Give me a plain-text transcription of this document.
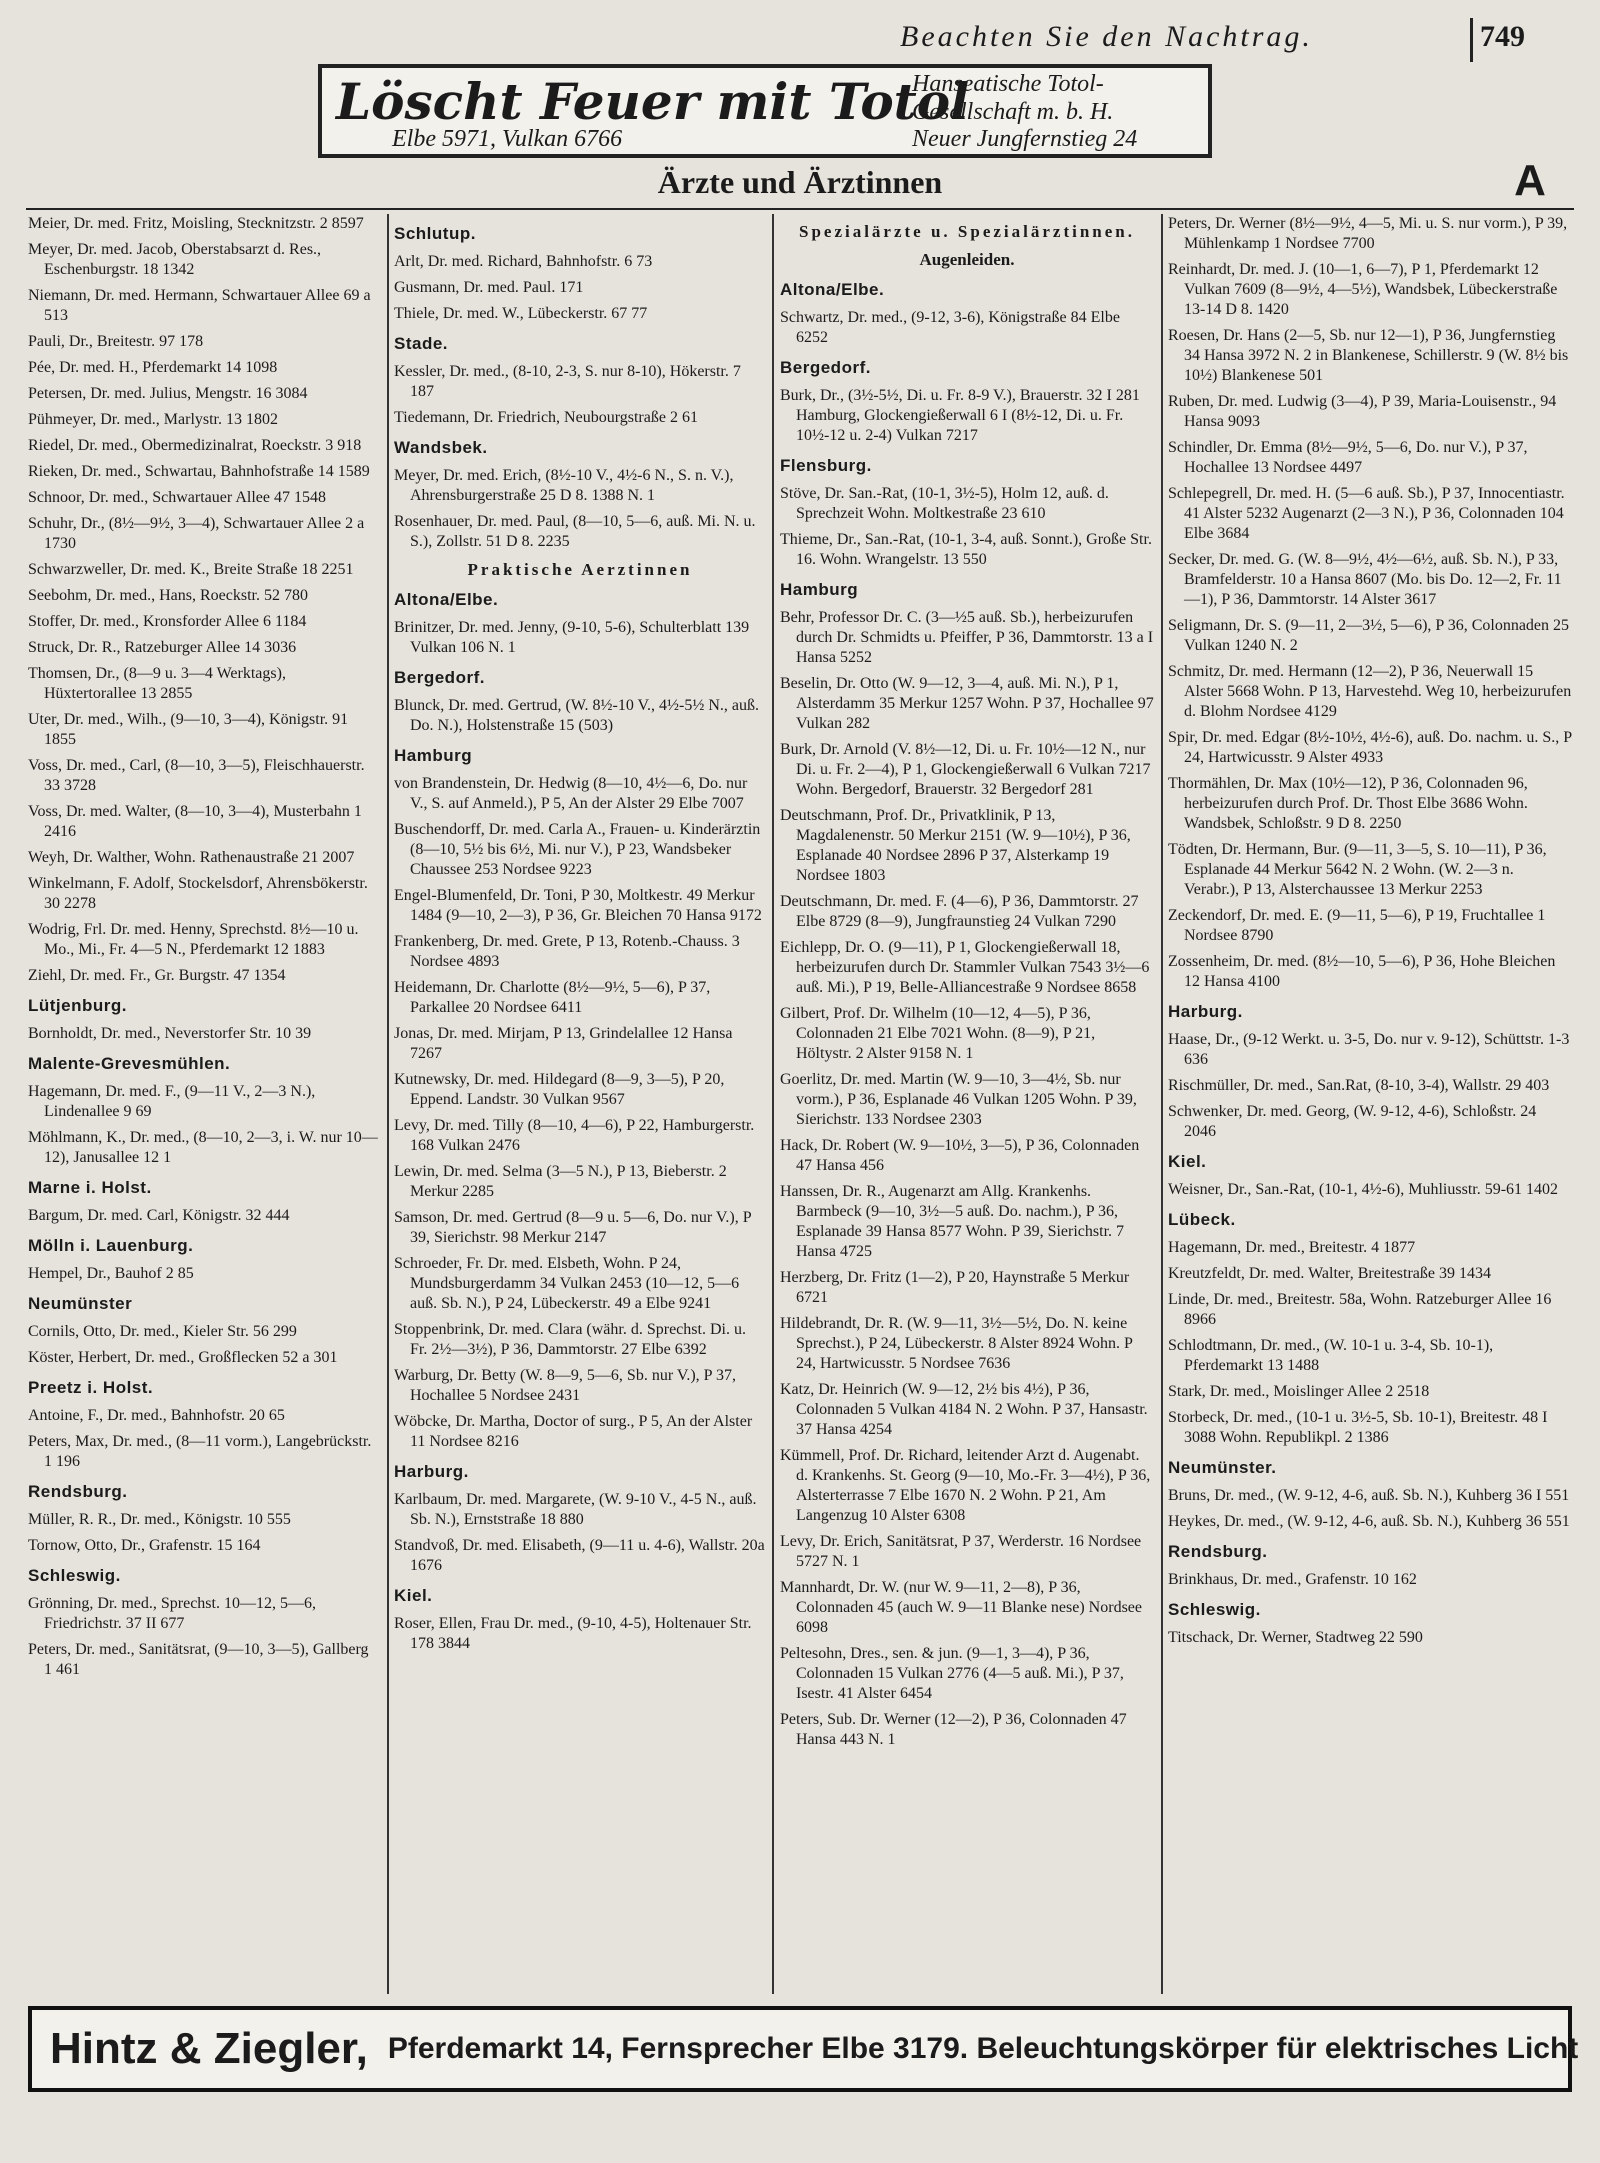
Beachten Sie den Nachtrag.	749
Löscht Feuer mit Totol
Elbe 5971, Vulkan 6766
Hanseatische Totol-Gesellschaft m. b. H.
Neuer Jungfernstieg 24
Ärzte und Ärztinnen	A
Meier, Dr. med. Fritz, Moisling, Stecknitzstr. 2 8597
Meyer, Dr. med. Jacob, Oberstabsarzt d. Res., Eschenburgstr. 18 1342
Niemann, Dr. med. Hermann, Schwartauer Allee 69 a 513
Pauli, Dr., Breitestr. 97 178
Pée, Dr. med. H., Pferdemarkt 14 1098
Petersen, Dr. med. Julius, Mengstr. 16 3084
Pühmeyer, Dr. med., Marlystr. 13 1802
Riedel, Dr. med., Obermedizinalrat, Roeckstr. 3 918
Rieken, Dr. med., Schwartau, Bahnhofstraße 14 1589
Schnoor, Dr. med., Schwartauer Allee 47 1548
Schuhr, Dr., (8½—9½, 3—4), Schwartauer Allee 2 a 1730
Schwarzweller, Dr. med. K., Breite Straße 18 2251
Seebohm, Dr. med., Hans, Roeckstr. 52 780
Stoffer, Dr. med., Kronsforder Allee 6 1184
Struck, Dr. R., Ratzeburger Allee 14 3036
Thomsen, Dr., (8—9 u. 3—4 Werktags), Hüxtertorallee 13 2855
Uter, Dr. med., Wilh., (9—10, 3—4), Königstr. 91 1855
Voss, Dr. med., Carl, (8—10, 3—5), Fleischhauerstr. 33 3728
Voss, Dr. med. Walter, (8—10, 3—4), Musterbahn 1 2416
Weyh, Dr. Walther, Wohn. Rathenaustraße 21 2007
Winkelmann, F. Adolf, Stockelsdorf, Ahrensbökerstr. 30 2278
Wodrig, Frl. Dr. med. Henny, Sprechstd. 8½—10 u. Mo., Mi., Fr. 4—5 N., Pferdemarkt 12 1883
Ziehl, Dr. med. Fr., Gr. Burgstr. 47 1354
Lütjenburg.
Bornholdt, Dr. med., Neverstorfer Str. 10 39
Malente-Grevesmühlen.
Hagemann, Dr. med. F., (9—11 V., 2—3 N.), Lindenallee 9 69
Möhlmann, K., Dr. med., (8—10, 2—3, i. W. nur 10—12), Janusallee 12 1
Marne i. Holst.
Bargum, Dr. med. Carl, Königstr. 32 444
Mölln i. Lauenburg.
Hempel, Dr., Bauhof 2 85
Neumünster
Cornils, Otto, Dr. med., Kieler Str. 56 299
Köster, Herbert, Dr. med., Großflecken 52 a 301
Preetz i. Holst.
Antoine, F., Dr. med., Bahnhofstr. 20 65
Peters, Max, Dr. med., (8—11 vorm.), Langebrückstr. 1 196
Rendsburg.
Müller, R. R., Dr. med., Königstr. 10 555
Tornow, Otto, Dr., Grafenstr. 15 164
Schleswig.
Grönning, Dr. med., Sprechst. 10—12, 5—6, Friedrichstr. 37 II 677
Peters, Dr. med., Sanitätsrat, (9—10, 3—5), Gallberg 1 461
Schlutup.
Arlt, Dr. med. Richard, Bahnhofstr. 6 73
Gusmann, Dr. med. Paul. 171
Thiele, Dr. med. W., Lübeckerstr. 67 77
Stade.
Kessler, Dr. med., (8-10, 2-3, S. nur 8-10), Hökerstr. 7 187
Tiedemann, Dr. Friedrich, Neubourgstraße 2 61
Wandsbek.
Meyer, Dr. med. Erich, (8½-10 V., 4½-6 N., S. n. V.), Ahrensburgerstraße 25 D 8. 1388 N. 1
Rosenhauer, Dr. med. Paul, (8—10, 5—6, auß. Mi. N. u. S.), Zollstr. 51 D 8. 2235
Praktische Aerztinnen
Altona/Elbe.
Brinitzer, Dr. med. Jenny, (9-10, 5-6), Schulterblatt 139 Vulkan 106 N. 1
Bergedorf.
Blunck, Dr. med. Gertrud, (W. 8½-10 V., 4½-5½ N., auß. Do. N.), Holstenstraße 15 (503)
Hamburg
von Brandenstein, Dr. Hedwig (8—10, 4½—6, Do. nur V., S. auf Anmeld.), P 5, An der Alster 29 Elbe 7007
Buschendorff, Dr. med. Carla A., Frauen- u. Kinderärztin (8—10, 5½ bis 6½, Mi. nur V.), P 23, Wandsbeker Chaussee 253 Nordsee 9223
Engel-Blumenfeld, Dr. Toni, P 30, Moltkestr. 49 Merkur 1484 (9—10, 2—3), P 36, Gr. Bleichen 70 Hansa 9172
Frankenberg, Dr. med. Grete, P 13, Rotenb.-Chauss. 3 Nordsee 4893
Heidemann, Dr. Charlotte (8½—9½, 5—6), P 37, Parkallee 20 Nordsee 6411
Jonas, Dr. med. Mirjam, P 13, Grindelallee 12 Hansa 7267
Kutnewsky, Dr. med. Hildegard (8—9, 3—5), P 20, Eppend. Landstr. 30 Vulkan 9567
Levy, Dr. med. Tilly (8—10, 4—6), P 22, Hamburgerstr. 168 Vulkan 2476
Lewin, Dr. med. Selma (3—5 N.), P 13, Bieberstr. 2 Merkur 2285
Samson, Dr. med. Gertrud (8—9 u. 5—6, Do. nur V.), P 39, Sierichstr. 98 Merkur 2147
Schroeder, Fr. Dr. med. Elsbeth, Wohn. P 24, Mundsburgerdamm 34 Vulkan 2453 (10—12, 5—6 auß. Sb. N.), P 24, Lübeckerstr. 49 a Elbe 9241
Stoppenbrink, Dr. med. Clara (währ. d. Sprechst. Di. u. Fr. 2½—3½), P 36, Dammtorstr. 27 Elbe 6392
Warburg, Dr. Betty (W. 8—9, 5—6, Sb. nur V.), P 37, Hochallee 5 Nordsee 2431
Wöbcke, Dr. Martha, Doctor of surg., P 5, An der Alster 11 Nordsee 8216
Harburg.
Karlbaum, Dr. med. Margarete, (W. 9-10 V., 4-5 N., auß. Sb. N.), Ernststraße 18 880
Standvoß, Dr. med. Elisabeth, (9—11 u. 4-6), Wallstr. 20a 1676
Kiel.
Roser, Ellen, Frau Dr. med., (9-10, 4-5), Holtenauer Str. 178 3844
Spezialärzte u. Spezialärztinnen.
Augenleiden.
Altona/Elbe.
Schwartz, Dr. med., (9-12, 3-6), Königstraße 84 Elbe 6252
Bergedorf.
Burk, Dr., (3½-5½, Di. u. Fr. 8-9 V.), Brauerstr. 32 I 281 Hamburg, Glockengießerwall 6 I (8½-12, Di. u. Fr. 10½-12 u. 2-4) Vulkan 7217
Flensburg.
Stöve, Dr. San.-Rat, (10-1, 3½-5), Holm 12, auß. d. Sprechzeit Wohn. Moltkestraße 23 610
Thieme, Dr., San.-Rat, (10-1, 3-4, auß. Sonnt.), Große Str. 16. Wohn. Wrangelstr. 13 550
Hamburg
Behr, Professor Dr. C. (3—½5 auß. Sb.), herbeizurufen durch Dr. Schmidts u. Pfeiffer, P 36, Dammtorstr. 13 a I Hansa 5252
Beselin, Dr. Otto (W. 9—12, 3—4, auß. Mi. N.), P 1, Alsterdamm 35 Merkur 1257 Wohn. P 37, Hochallee 97 Vulkan 282
Burk, Dr. Arnold (V. 8½—12, Di. u. Fr. 10½—12 N., nur Di. u. Fr. 2—4), P 1, Glockengießerwall 6 Vulkan 7217 Wohn. Bergedorf, Brauerstr. 32 Bergedorf 281
Deutschmann, Prof. Dr., Privatklinik, P 13, Magdalenenstr. 50 Merkur 2151 (W. 9—10½), P 36, Esplanade 40 Nordsee 2896 P 37, Alsterkamp 19 Nordsee 1803
Deutschmann, Dr. med. F. (4—6), P 36, Dammtorstr. 27 Elbe 8729 (8—9), Jungfraunstieg 24 Vulkan 7290
Eichlepp, Dr. O. (9—11), P 1, Glockengießerwall 18, herbeizurufen durch Dr. Stammler Vulkan 7543 3½—6 auß. Mi.), P 19, Belle-Alliancestraße 9 Nordsee 8658
Gilbert, Prof. Dr. Wilhelm (10—12, 4—5), P 36, Colonnaden 21 Elbe 7021 Wohn. (8—9), P 21, Höltystr. 2 Alster 9158 N. 1
Goerlitz, Dr. med. Martin (W. 9—10, 3—4½, Sb. nur vorm.), P 36, Esplanade 46 Vulkan 1205 Wohn. P 39, Sierichstr. 133 Nordsee 2303
Hack, Dr. Robert (W. 9—10½, 3—5), P 36, Colonnaden 47 Hansa 456
Hanssen, Dr. R., Augenarzt am Allg. Krankenhs. Barmbeck (9—10, 3½—5 auß. Do. nachm.), P 36, Esplanade 39 Hansa 8577 Wohn. P 39, Sierichstr. 7 Hansa 4725
Herzberg, Dr. Fritz (1—2), P 20, Haynstraße 5 Merkur 6721
Hildebrandt, Dr. R. (W. 9—11, 3½—5½, Do. N. keine Sprechst.), P 24, Lübeckerstr. 8 Alster 8924 Wohn. P 24, Hartwicusstr. 5 Nordsee 7636
Katz, Dr. Heinrich (W. 9—12, 2½ bis 4½), P 36, Colonnaden 5 Vulkan 4184 N. 2 Wohn. P 37, Hansastr. 37 Hansa 4254
Kümmell, Prof. Dr. Richard, leitender Arzt d. Augenabt. d. Krankenhs. St. Georg (9—10, Mo.-Fr. 3—4½), P 36, Alsterterrasse 7 Elbe 1670 N. 2 Wohn. P 21, Am Langenzug 10 Alster 6308
Levy, Dr. Erich, Sanitätsrat, P 37, Werderstr. 16 Nordsee 5727 N. 1
Mannhardt, Dr. W. (nur W. 9—11, 2—8), P 36, Colonnaden 45 (auch W. 9—11 Blanke nese) Nordsee 6098
Peltesohn, Dres., sen. & jun. (9—1, 3—4), P 36, Colonnaden 15 Vulkan 2776 (4—5 auß. Mi.), P 37, Isestr. 41 Alster 6454
Peters, Sub. Dr. Werner (12—2), P 36, Colonnaden 47 Hansa 443 N. 1
Peters, Dr. Werner (8½—9½, 4—5, Mi. u. S. nur vorm.), P 39, Mühlenkamp 1 Nordsee 7700
Reinhardt, Dr. med. J. (10—1, 6—7), P 1, Pferdemarkt 12 Vulkan 7609 (8—9½, 4—5½), Wandsbek, Lübeckerstraße 13-14 D 8. 1420
Roesen, Dr. Hans (2—5, Sb. nur 12—1), P 36, Jungfernstieg 34 Hansa 3972 N. 2 in Blankenese, Schillerstr. 9 (W. 8½ bis 10½) Blankenese 501
Ruben, Dr. med. Ludwig (3—4), P 39, Maria-Louisenstr., 94 Hansa 9093
Schindler, Dr. Emma (8½—9½, 5—6, Do. nur V.), P 37, Hochallee 13 Nordsee 4497
Schlepegrell, Dr. med. H. (5—6 auß. Sb.), P 37, Innocentiastr. 41 Alster 5232 Augenarzt (2—3 N.), P 36, Colonnaden 104 Elbe 3684
Secker, Dr. med. G. (W. 8—9½, 4½—6½, auß. Sb. N.), P 33, Bramfelderstr. 10 a Hansa 8607 (Mo. bis Do. 12—2, Fr. 11—1), P 36, Dammtorstr. 14 Alster 3617
Seligmann, Dr. S. (9—11, 2—3½, 5—6), P 36, Colonnaden 25 Vulkan 1240 N. 2
Schmitz, Dr. med. Hermann (12—2), P 36, Neuerwall 15 Alster 5668 Wohn. P 13, Harvestehd. Weg 10, herbeizurufen d. Blohm Nordsee 4129
Spir, Dr. med. Edgar (8½-10½, 4½-6), auß. Do. nachm. u. S., P 24, Hartwicusstr. 9 Alster 4933
Thormählen, Dr. Max (10½—12), P 36, Colonnaden 96, herbeizurufen durch Prof. Dr. Thost Elbe 3686 Wohn. Wandsbek, Schloßstr. 9 D 8. 2250
Tödten, Dr. Hermann, Bur. (9—11, 3—5, S. 10—11), P 36, Esplanade 44 Merkur 5642 N. 2 Wohn. (W. 2—3 n. Verabr.), P 13, Alsterchaussee 13 Merkur 2253
Zeckendorf, Dr. med. E. (9—11, 5—6), P 19, Fruchtallee 1 Nordsee 8790
Zossenheim, Dr. med. (8½—10, 5—6), P 36, Hohe Bleichen 12 Hansa 4100
Harburg.
Haase, Dr., (9-12 Werkt. u. 3-5, Do. nur v. 9-12), Schüttstr. 1-3 636
Rischmüller, Dr. med., San.Rat, (8-10, 3-4), Wallstr. 29 403
Schwenker, Dr. med. Georg, (W. 9-12, 4-6), Schloßstr. 24 2046
Kiel.
Weisner, Dr., San.-Rat, (10-1, 4½-6), Muhliusstr. 59-61 1402
Lübeck.
Hagemann, Dr. med., Breitestr. 4 1877
Kreutzfeldt, Dr. med. Walter, Breitestraße 39 1434
Linde, Dr. med., Breitestr. 58a, Wohn. Ratzeburger Allee 16 8966
Schlodtmann, Dr. med., (W. 10-1 u. 3-4, Sb. 10-1), Pferdemarkt 13 1488
Stark, Dr. med., Moislinger Allee 2 2518
Storbeck, Dr. med., (10-1 u. 3½-5, Sb. 10-1), Breitestr. 48 I 3088 Wohn. Republikpl. 2 1386
Neumünster.
Bruns, Dr. med., (W. 9-12, 4-6, auß. Sb. N.), Kuhberg 36 I 551
Heykes, Dr. med., (W. 9-12, 4-6, auß. Sb. N.), Kuhberg 36 551
Rendsburg.
Brinkhaus, Dr. med., Grafenstr. 10 162
Schleswig.
Titschack, Dr. Werner, Stadtweg 22 590
Hintz & Ziegler, Pferdemarkt 14, Fernsprecher Elbe 3179. Beleuchtungskörper für elektrisches Licht
